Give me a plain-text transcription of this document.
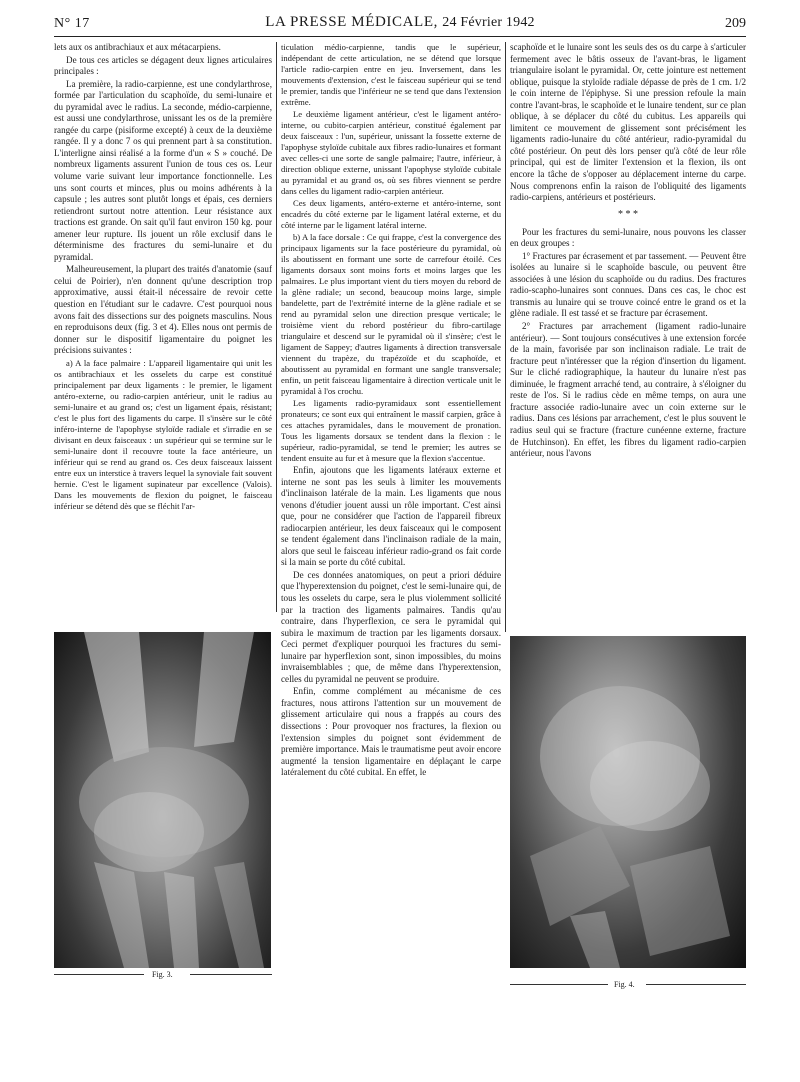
N° 17	LA PRESSE MÉDICALE, 24 Février 1942	209

lets aux os antibrachiaux et aux métacarpiens.

De tous ces articles se dégagent deux lignes articulaires principales :

La première, la radio-carpienne, est une condylarthrose, formée par l'articulation du scaphoïde, du semi-lunaire et du pyramidal avec le radius. La seconde, médio-carpienne, est aussi une condylarthrose, unissant les os de la première rangée du carpe (pisiforme excepté) à ceux de la deuxième rangée. Il y a donc 7 os qui prennent part à sa constitution. L'interligne ainsi réalisé a la forme d'un « S » couché. De nombreux ligaments assurent l'union de tous ces os. Leur volume varie suivant leur importance fonctionnelle. Les uns sont courts et minces, plus ou moins adhérents à la capsule ; les autres sont plutôt longs et épais, ces derniers retiendront surtout notre attention. Leur résistance aux tractions est grande. On sait qu'il faut environ 150 kg. pour amener leur rupture. Ils jouent un rôle exclusif dans le déterminisme des fractures du semi-lunaire et du pyramidal.

Malheureusement, la plupart des traités d'anatomie (sauf celui de Poirier), n'en donnent qu'une description trop approximative, aussi était-il nécessaire de revoir cette question en l'étudiant sur le cadavre. C'est pourquoi nous avons fait des dissections sur des poignets masculins. Nous en reproduisons deux (fig. 3 et 4). Elles nous ont permis de donner sur le dispositif ligamentaire du poignet les précisions suivantes :

a) A la face palmaire : L'appareil ligamentaire qui unit les os antibrachiaux et les osselets du carpe est constitué principalement par deux ligaments : le premier, le ligament antéro-externe, ou radio-carpien antérieur, unit le radius au semi-lunaire et au grand os; c'est un ligament épais, résistant; c'est le plus fort des ligaments du carpe. Il s'insère sur le côté inféro-interne de l'apophyse styloïde radiale et s'irradie en se divisant en deux faisceaux : un supérieur qui se termine sur le semi-lunaire dont il recouvre toute la face antérieure, un inférieur qui se rend au grand os. Ces deux faisceaux laissent entre eux un interstice à travers lequel la synoviale fait souvent hernie. C'est le ligament supinateur par excellence (Valois). Dans les mouvements de flexion du poignet, le faisceau inférieur se détend dès que se fléchit l'ar-

ticulation médio-carpienne, tandis que le supérieur, indépendant de cette articulation, ne se détend que lorsque l'article radio-carpien entre en jeu. Inversement, dans les mouvements d'extension, c'est le faisceau supérieur qui se tend le premier, tandis que l'inférieur ne se tend que dans l'extension extrême.

Le deuxième ligament antérieur, c'est le ligament antéro-interne, ou cubito-carpien antérieur, constitué également par deux faisceaux : l'un, supérieur, unissant la fossette externe de l'apophyse styloïde cubitale aux fibres radio-lunaires et formant avec celles-ci une sorte de sangle palmaire; l'autre, inférieur, à direction oblique externe, unissant l'apophyse styloïde cubitale au pyramidal et au grand os, où ses fibres viennent se perdre dans celles du ligament radio-carpien antérieur.

Ces deux ligaments, antéro-externe et antéro-interne, sont encadrés du côté externe par le ligament latéral externe, et du côté interne par le ligament latéral interne.

b) A la face dorsale : Ce qui frappe, c'est la convergence des principaux ligaments sur la face postérieure du pyramidal, où ils aboutissent en formant une sorte de carrefour étoilé. Ces ligaments dorsaux sont moins forts et moins larges que les palmaires. Le plus important vient du tiers moyen du rebord de la glène radiale; un second, beaucoup moins large, simple bandelette, part de l'extrémité interne de la glène radiale et se rend au pyramidal selon une direction presque verticale; le troisième vient du rebord postérieur du fibro-cartilage triangulaire et descend sur le pyramidal où il s'insère; c'est le ligament de Sappey; d'autres ligaments à direction transversale viennent du trapèze, du trapézoïde et du scaphoïde, et aboutissent au pyramidal en formant une sangle transversale; enfin, un petit faisceau ligamentaire à direction verticale unit le pyramidal à l'os crochu.

Les ligaments radio-pyramidaux sont essentiellement pronateurs; ce sont eux qui entraînent le massif carpien, grâce à ces attaches pyramidales, dans le mouvement de pronation. Tous les ligaments dorsaux se tendent dans la flexion : le supérieur, radio-pyramidal, se tend le premier; les autres se tendent ensuite au fur et à mesure que la flexion s'accentue.

Enfin, ajoutons que les ligaments latéraux externe et interne ne sont pas les seuls à limiter les mouvements d'inclinaison latérale de la main. Les ligaments que nous venons d'étudier jouent aussi un rôle important. C'est ainsi que, pour ne considérer que l'action de l'appareil fibreux radiocarpien antérieur, les deux faisceaux qui le composent se tendent également dans l'inclinaison radiale de la main, alors que seul le faisceau inférieur radio-grand os fait corde si la main se porte du côté cubital.

De ces données anatomiques, on peut a priori déduire que l'hyperextension du poignet, c'est le semi-lunaire qui, de tous les osselets du carpe, sera le plus violemment sollicité par la traction des ligaments palmaires. Tandis qu'au contraire, dans l'hyperflexion, ce sera le pyramidal qui subira le maximum de traction par les ligaments dorsaux. Ceci permet d'expliquer pourquoi les fractures du semi-lunaire par hyperflexion sont, sinon impossibles, du moins invraisemblables ; que, de même dans l'hyperextension, celles du pyramidal ne peuvent se produire.

Enfin, comme complément au mécanisme de ces fractures, nous attirons l'attention sur un mouvement de glissement articulaire qui nous a frappés au cours des dissections : Pour provoquer nos fractures, la flexion ou l'extension simples du poignet sont évidemment de première importance. Mais le traumatisme peut avoir encore augmenté la tension ligamentaire en déplaçant le carpe latéralement du côté cubital. En effet, le

scaphoïde et le lunaire sont les seuls des os du carpe à s'articuler fermement avec le bâtis osseux de l'avant-bras, le ligament triangulaire isolant le pyramidal. Or, cette jointure est nettement oblique, puisque la styloïde radiale dépasse de près de 1 cm. 1/2 le coin interne de l'épiphyse. Si une pression refoule la main contre l'avant-bras, le scaphoïde et le lunaire tendent, sur ce plan oblique, à se déplacer du côté du cubitus. Les appareils qui limitent ce mouvement de glissement sont précisément les ligaments radio-lunaire du côté antérieur, radio-pyramidal du côté postérieur. On peut dès lors penser qu'à côté de leur rôle principal, qui est de limiter l'extension et la flexion, ils ont encore la tâche de s'opposer au déplacement interne du carpe. Nous comprenons enfin la raison de l'obliquité des ligaments radio-carpiens, antérieurs et postérieurs.

* * *

Pour les fractures du semi-lunaire, nous pouvons les classer en deux groupes :

1° Fractures par écrasement et par tassement. — Peuvent être isolées au lunaire si le scaphoïde bascule, ou peuvent être associées à une lésion du scaphoïde ou du radius. Des fractures radio-scapho-lunaires sont connues. Dans ces cas, le choc est transmis au lunaire qui se trouve coincé entre le grand os et la glène radiale. Il est tassé et se fracture par écrasement.

2° Fractures par arrachement (ligament radio-lunaire antérieur). — Sont toujours consécutives à une extension forcée de la main, favorisée par son inclinaison radiale. Le trait de fracture peut n'intéresser que la région d'insertion du ligament. Sur le cliché radiographique, la hauteur du lunaire n'est pas diminuée, le fragment arraché tend, au contraire, à s'éloigner du reste de l'os. Si le radius cède en même temps, on aura une fracture associée radio-lunaire avec un coin externe sur le radius. Dans ces lésions par arrachement, c'est le plus souvent le radius seul qui se fracture (fracture cunéenne externe, fracture de Hutchinson). En effet, les fibres du ligament radio-carpien antérieur, nous l'avons

Fig. 3.
Fig. 4.
